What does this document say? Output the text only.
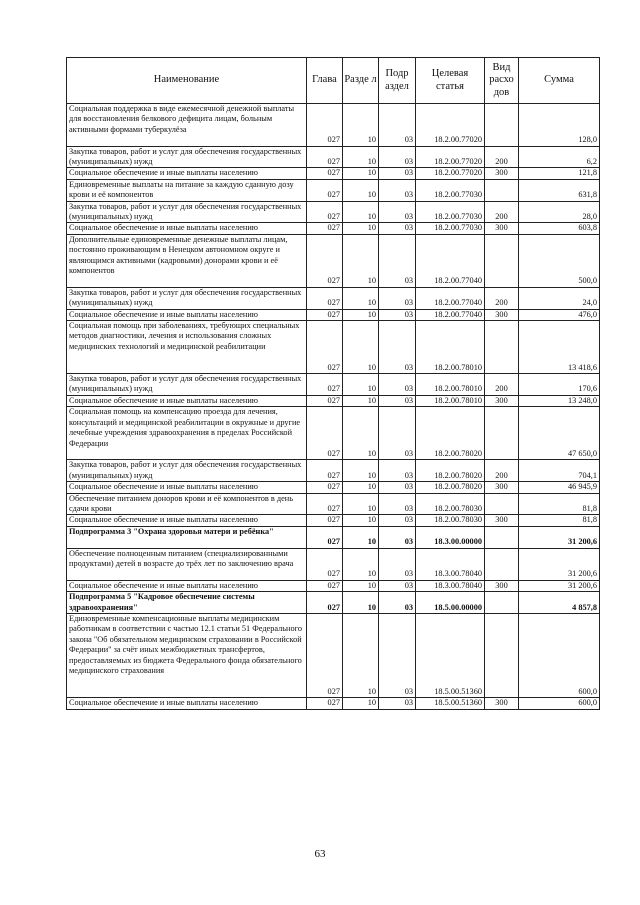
Наименование	Глава	Разде л	Подр аздел	Целевая статья	Вид расхо дов	Сумма
Социальная поддержка в виде ежемесячной денежной выплаты для восстановления белкового дефицита лицам, больным активными формами туберкулёза	027	10	03	18.2.00.77020		128,0
Закупка товаров, работ и услуг для обеспечения государственных (муниципальных) нужд	027	10	03	18.2.00.77020	200	6,2
Социальное обеспечение и иные выплаты населению	027	10	03	18.2.00.77020	300	121,8
Единовременные выплаты на питание за каждую сданную дозу крови и её компонентов	027	10	03	18.2.00.77030		631,8
Закупка товаров, работ и услуг для обеспечения государственных (муниципальных) нужд	027	10	03	18.2.00.77030	200	28,0
Социальное обеспечение и иные выплаты населению	027	10	03	18.2.00.77030	300	603,8
Дополнительные единовременные денежные выплаты лицам, постоянно проживающим в Ненецком автономном округе и являющимся активными (кадровыми) донорами крови и её компонентов	027	10	03	18.2.00.77040		500,0
Закупка товаров, работ и услуг для обеспечения государственных (муниципальных) нужд	027	10	03	18.2.00.77040	200	24,0
Социальное обеспечение и иные выплаты населению	027	10	03	18.2.00.77040	300	476,0
Социальная помощь при заболеваниях, требующих специальных методов диагностики, лечения и использования сложных медицинских технологий и медицинской реабилитации	027	10	03	18.2.00.78010		13 418,6
Закупка товаров, работ и услуг для обеспечения государственных (муниципальных) нужд	027	10	03	18.2.00.78010	200	170,6
Социальное обеспечение и иные выплаты населению	027	10	03	18.2.00.78010	300	13 248,0
Социальная помощь на компенсацию проезда для лечения, консультаций и медицинской реабилитации в окружные и другие лечебные учреждения здравоохранения в пределах Российской Федерации	027	10	03	18.2.00.78020		47 650,0
Закупка товаров, работ и услуг для обеспечения государственных (муниципальных) нужд	027	10	03	18.2.00.78020	200	704,1
Социальное обеспечение и иные выплаты населению	027	10	03	18.2.00.78020	300	46 945,9
Обеспечение питанием доноров крови и её компонентов в день сдачи крови	027	10	03	18.2.00.78030		81,8
Социальное обеспечение и иные выплаты населению	027	10	03	18.2.00.78030	300	81,8
Подпрограмма 3 "Охрана здоровья матери и ребёнка"	027	10	03	18.3.00.00000		31 200,6
Обеспечение полноценным питанием (специализированными продуктами) детей в возрасте до трёх лет по заключению врача	027	10	03	18.3.00.78040		31 200,6
Социальное обеспечение и иные выплаты населению	027	10	03	18.3.00.78040	300	31 200,6
Подпрограмма 5 "Кадровое обеспечение системы здравоохранения"	027	10	03	18.5.00.00000		4 857,8
Единовременные компенсационные выплаты медицинским работникам в соответствии с частью 12.1 статьи 51 Федерального закона "Об обязательном медицинском страховании в Российской Федерации" за счёт иных межбюджетных трансфертов, предоставляемых из бюджета Федерального фонда обязательного медицинского страхования	027	10	03	18.5.00.51360		600,0
Социальное обеспечение и иные выплаты населению	027	10	03	18.5.00.51360	300	600,0
63
